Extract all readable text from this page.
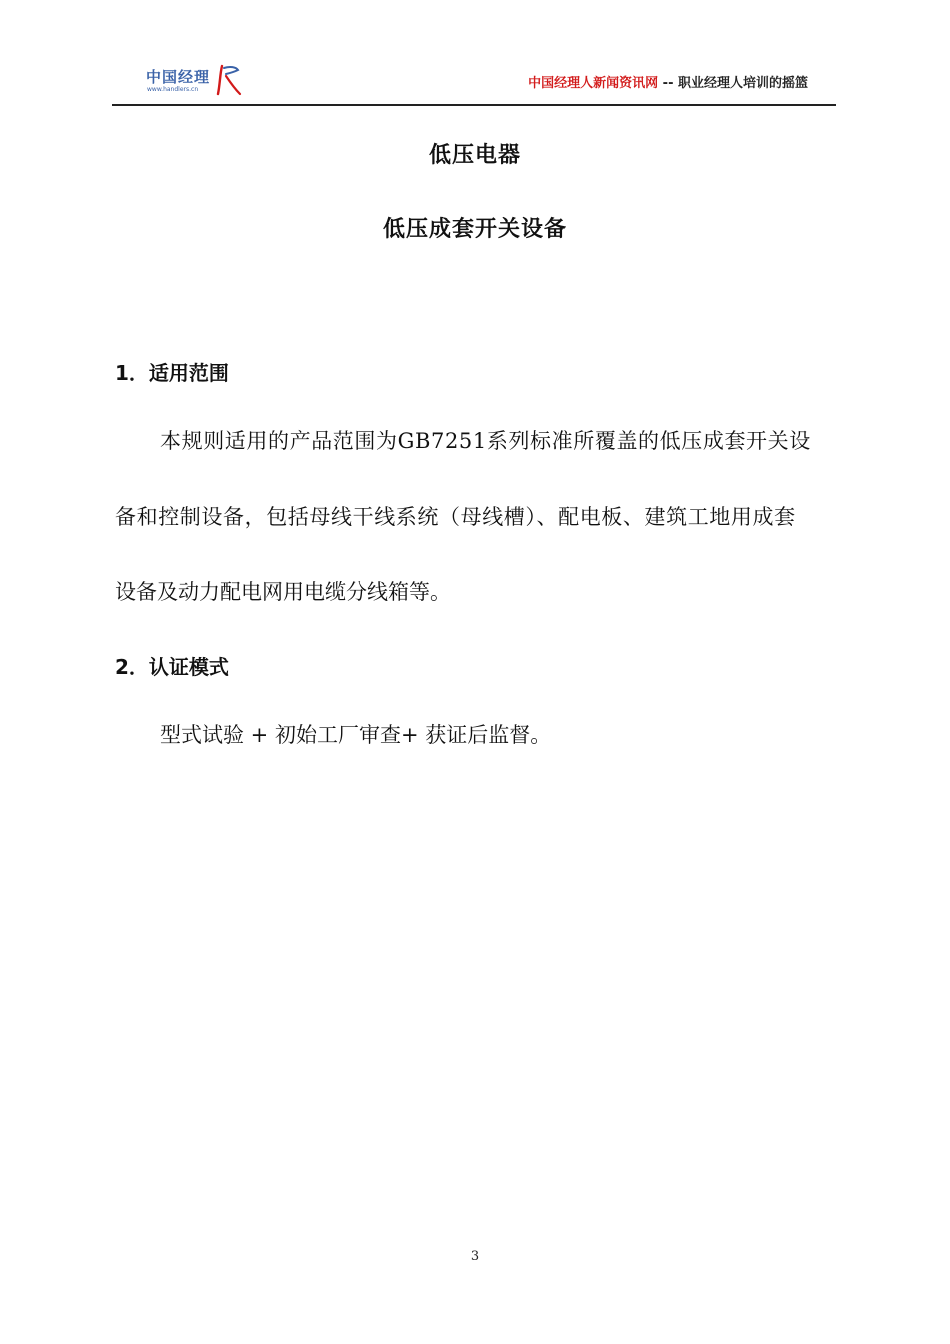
中国经理
www.handlers.cn	中国经理人新闻资讯网 -- 职业经理人培训的摇篮
低压电器
低压成套开关设备
1．适用范围
本规则适用的产品范围为GB7251系列标准所覆盖的低压成套开关设
备和控制设备，包括母线干线系统（母线槽）、配电板、建筑工地用成套
设备及动力配电网用电缆分线箱等。
2．认证模式
型式试验 + 初始工厂审查+ 获证后监督。
3
